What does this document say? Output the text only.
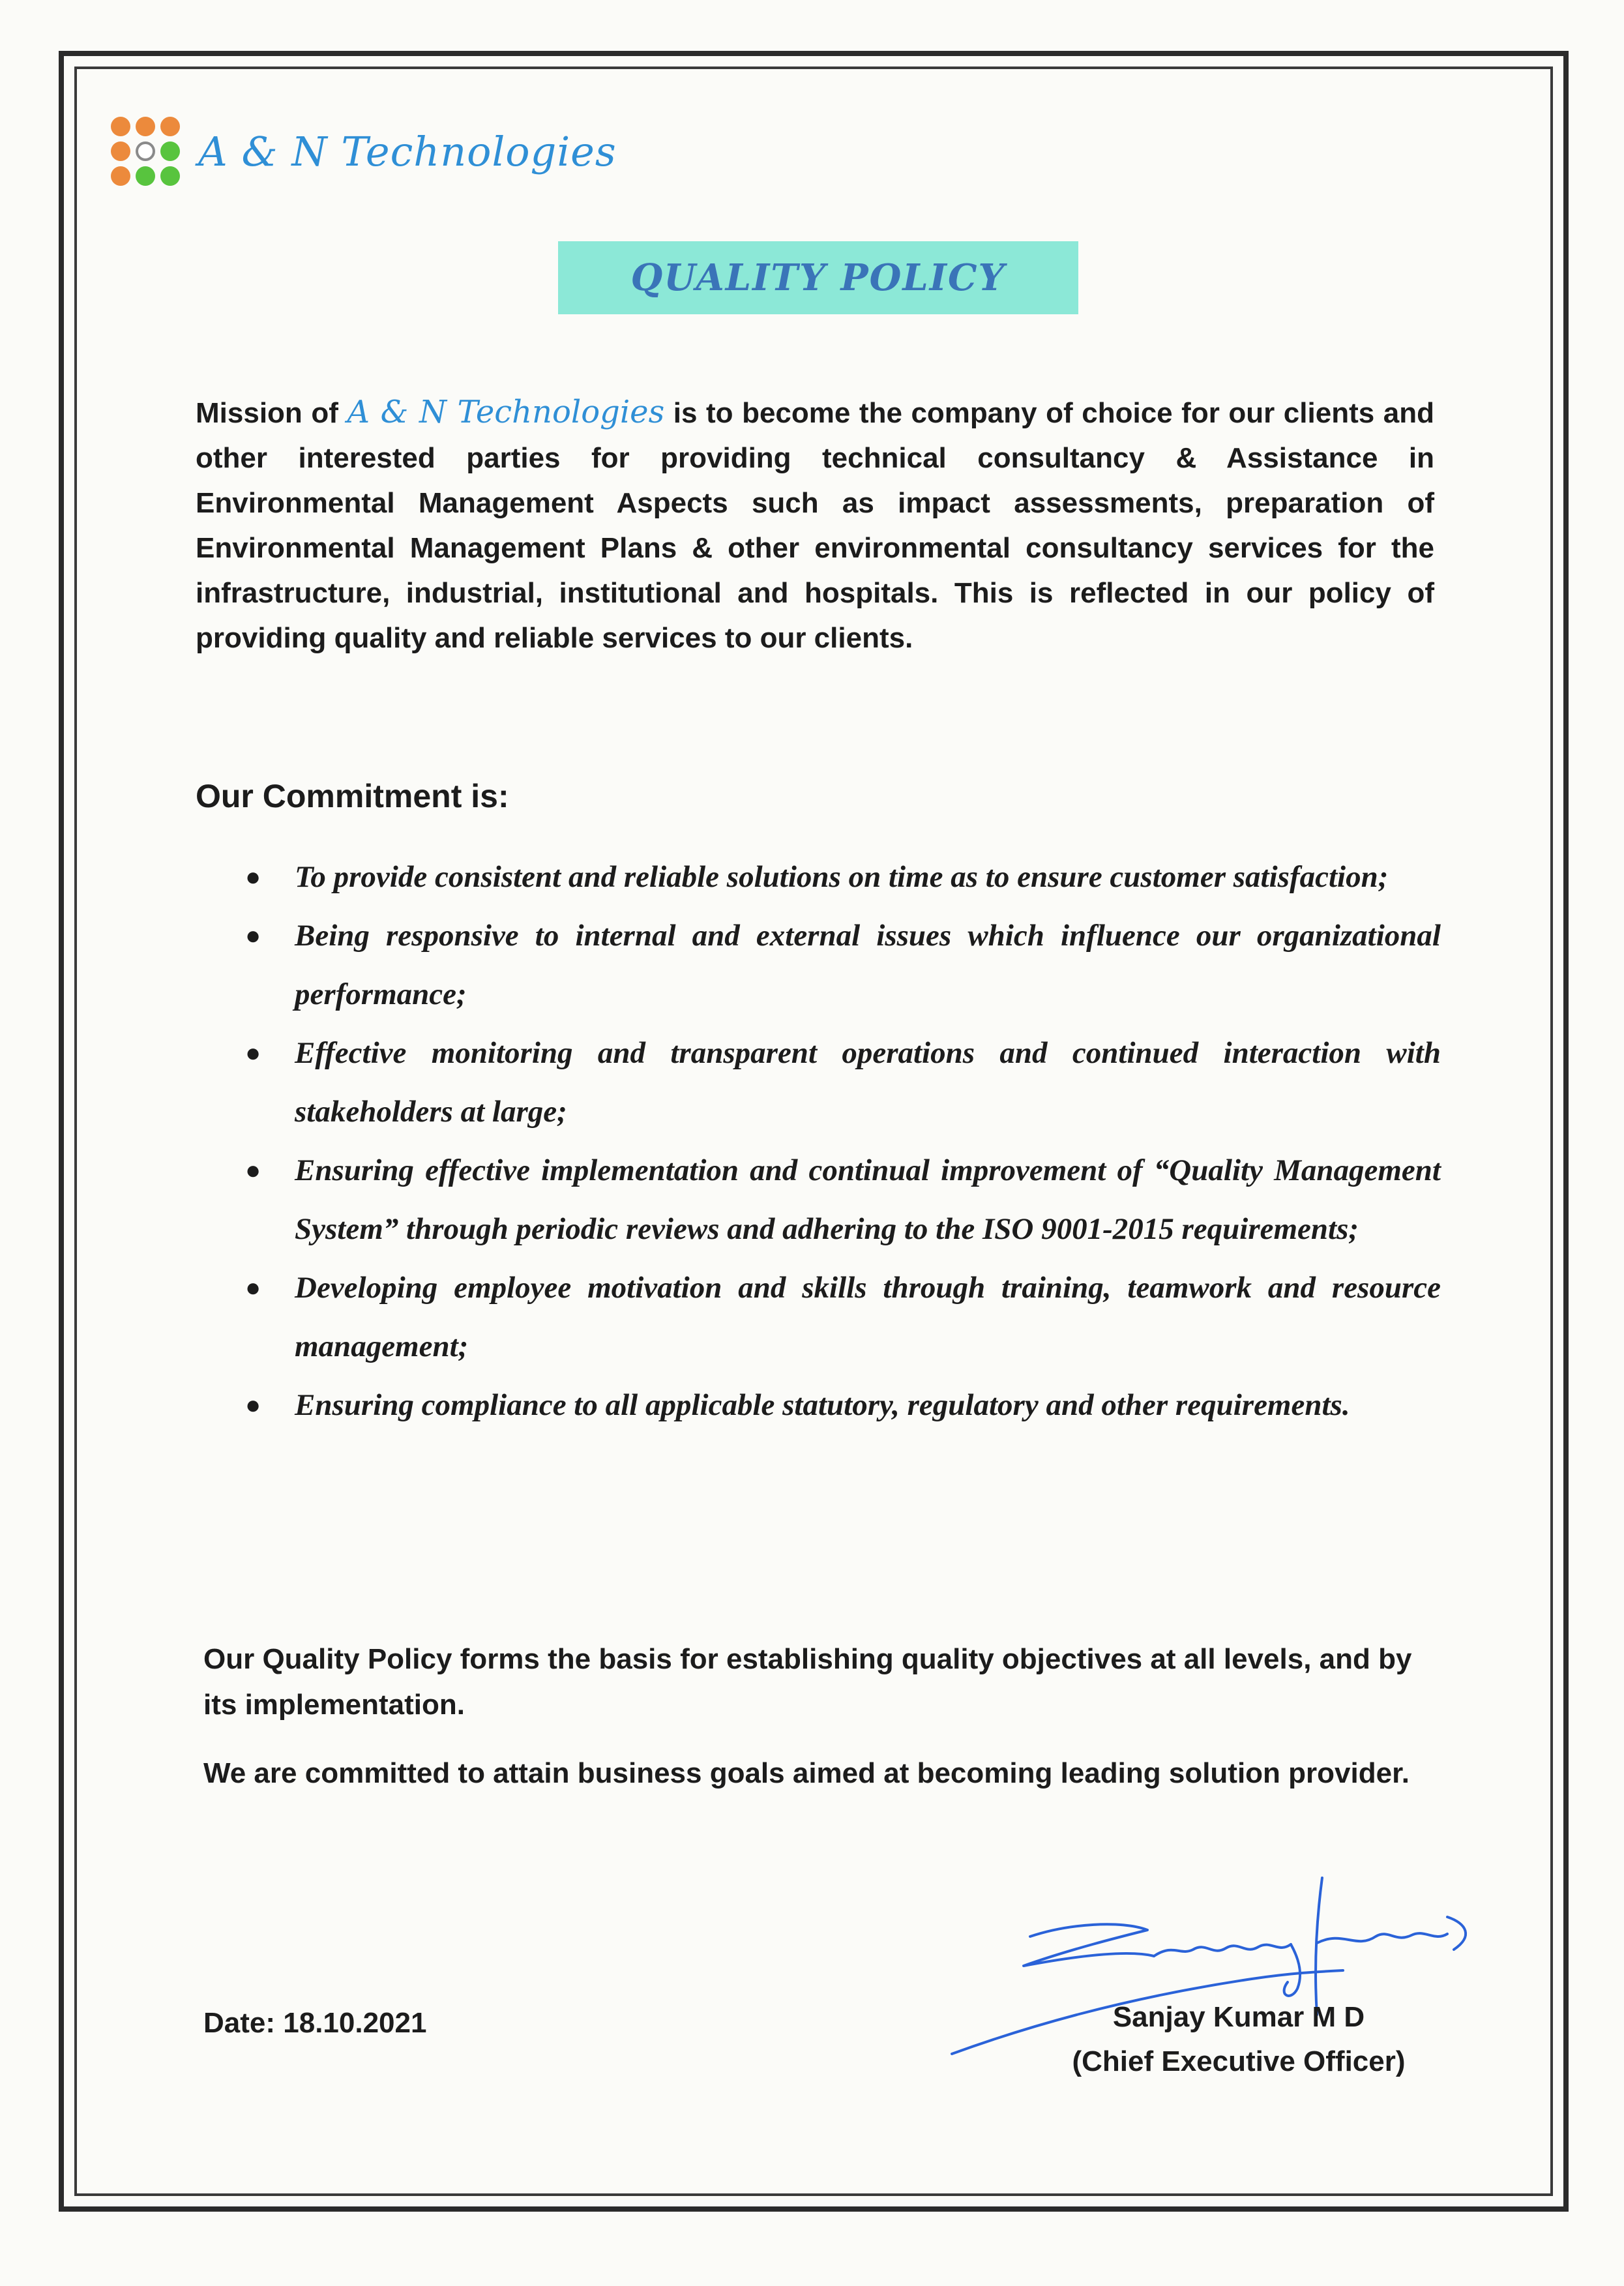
A & N Technologies
QUALITY POLICY
Mission of A & N Technologies is to become the company of choice for our clients and other interested parties for providing technical consultancy & Assistance in Environmental Management Aspects such as impact assessments, preparation of Environmental Management Plans & other environmental consultancy services for the infrastructure, industrial, institutional and hospitals. This is reflected in our policy of providing quality and reliable services to our clients.
Our Commitment is:
● To provide consistent and reliable solutions on time as to ensure customer satisfaction;
● Being responsive to internal and external issues which influence our organizational performance;
● Effective monitoring and transparent operations and continued interaction with stakeholders at large;
● Ensuring effective implementation and continual improvement of “Quality Management System” through periodic reviews and adhering to the ISO 9001-2015 requirements;
● Developing employee motivation and skills through training, teamwork and resource management;
● Ensuring compliance to all applicable statutory, regulatory and other requirements.
Our Quality Policy forms the basis for establishing quality objectives at all levels, and by its implementation.
We are committed to attain business goals aimed at becoming leading solution provider.
Date: 18.10.2021	Sanjay Kumar M D
(Chief Executive Officer)
